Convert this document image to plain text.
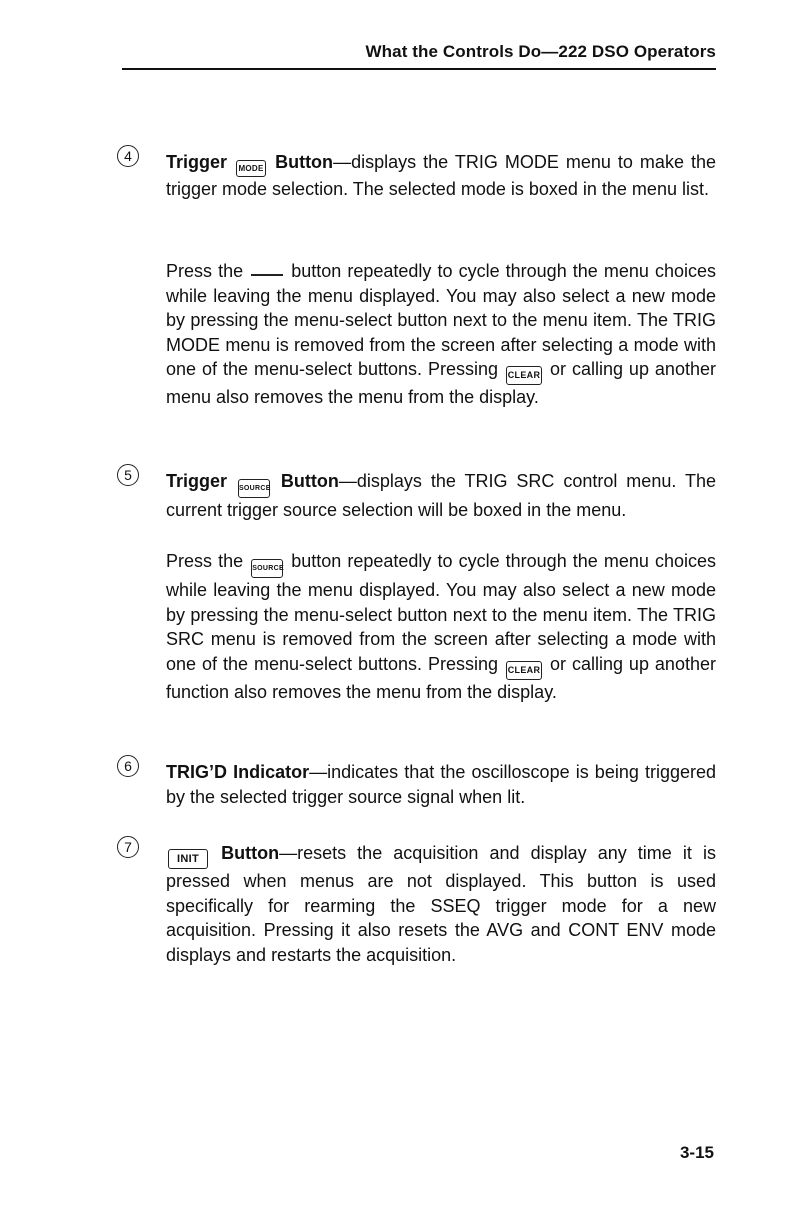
What the Controls Do—222 DSO Operators
4	Trigger MODE Button—displays the TRIG MODE menu to make the trigger mode selection. The selected mode is boxed in the menu list.
Press the	button repeatedly to cycle through the menu choices while leaving the menu displayed. You may also select a new mode by pressing the menu-select button next to the menu item. The TRIG MODE menu is removed from the screen after selecting a mode with one of the menu-select buttons. Pressing CLEAR or calling up another menu also removes the menu from the display.
5	Trigger SOURCE Button—displays the TRIG SRC control menu. The current trigger source selection will be boxed in the menu.
Press the SOURCE button repeatedly to cycle through the menu choices while leaving the menu displayed. You may also select a new mode by pressing the menu-select button next to the menu item. The TRIG SRC menu is removed from the screen after selecting a mode with one of the menu-select buttons. Pressing CLEAR or calling up another function also removes the menu from the display.
6	TRIG’D Indicator—indicates that the oscilloscope is being triggered by the selected trigger source signal when lit.
7
INIT Button—resets the acquisition and display any time it is pressed when menus are not displayed. This button is used specifically for rearming the SSEQ trigger mode for a new acquisition. Pressing it also resets the AVG and CONT ENV mode displays and restarts the acquisition.
3-15
